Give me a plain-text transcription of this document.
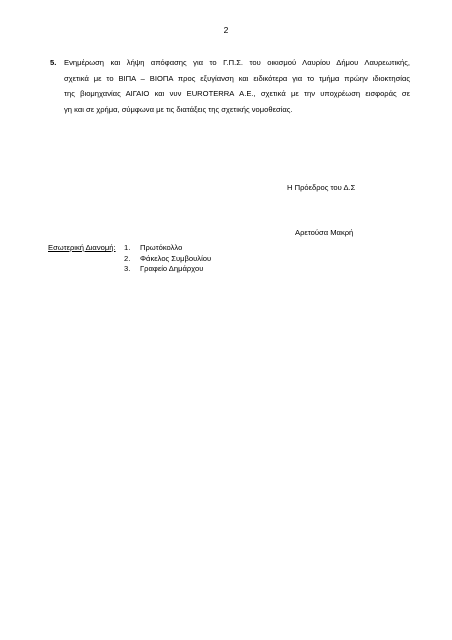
2
5. Ενημέρωση και λήψη απόφασης για το Γ.Π.Σ. του οικισμού Λαυρίου Δήμου Λαυρεωτικής,
σχετικά με το ΒΙΠΑ – ΒΙΟΠΑ προς εξυγίανση και ειδικότερα για το τμήμα πρώην ιδιοκτησίας
της βιομηχανίας ΑΙΓΑΙΟ και νυν EUROTERRA Α.Ε., σχετικά με την υποχρέωση εισφοράς σε
γη και σε χρήμα, σύμφωνα με τις διατάξεις της σχετικής νομοθεσίας.
Η Πρόεδρος του Δ.Σ
Αρετούσα Μακρή
Εσωτερική Διανομή: 1.	Πρωτόκολλο
2.	Φάκελος Συμβουλίου
3.	Γραφείο Δημάρχου
